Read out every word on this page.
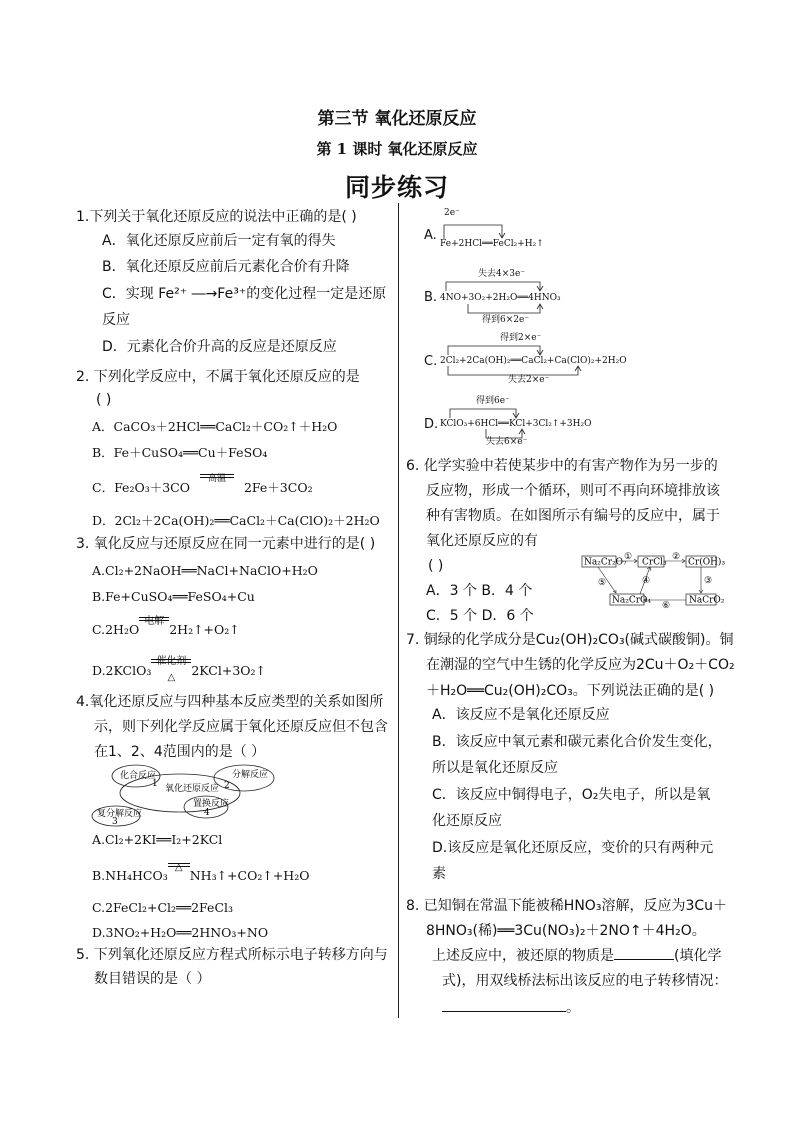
第三节 氧化还原反应
第 1 课时 氧化还原反应
同步练习
1.下列关于氧化还原反应的说法中正确的是( )
A．氧化还原反应前后一定有氧的得失
B．氧化还原反应前后元素化合价有升降
C．实现 Fe²⁺ ―→Fe³⁺的变化过程一定是还原
反应
D．元素化合价升高的反应是还原反应
2. 下列化学反应中，不属于氧化还原反应的是
( )
A．CaCO₃＋2HCl══CaCl₂＋CO₂↑＋H₂O
B．Fe＋CuSO₄══Cu＋FeSO₄
C．Fe₂O₃＋3CO
高温
2Fe＋3CO₂
D．2Cl₂＋2Ca(OH)₂══CaCl₂＋Ca(ClO)₂＋2H₂O
3. 氧化反应与还原反应在同一元素中进行的是( )
A.Cl₂+2NaOH══NaCl+NaClO+H₂O
B.Fe+CuSO₄══FeSO₄+Cu
C.2H₂O
电解
2H₂↑+O₂↑
D.2KClO₃
催化剂
△	2KCl+3O₂↑
4.氧化还原反应与四种基本反应类型的关系如图所
示，则下列化学反应属于氧化还原反应但不包含
在1、2、4范围内的是（ ）
化合反应
氧化还原反应
分解反应
置换反应
复分解反应
1	2
3
4
A.Cl₂+2KI══I₂+2KCl
B.NH₄HCO₃
△
NH₃↑+CO₂↑+H₂O
C.2FeCl₂+Cl₂══2FeCl₃
D.3NO₂+H₂O══2HNO₃+NO
5. 下列氧化还原反应方程式所标示电子转移方向与
数目错误的是（ ）
A.
2e⁻
Fe+2HCl══FeCl₂+H₂↑
B.
失去4×3e⁻
4NO+3O₂+2H₂O══4HNO₃
得到6×2e⁻
C.
得到2×e⁻
2Cl₂+2Ca(OH)₂══CaCl₂+Ca(ClO)₂+2H₂O
失去2×e⁻
D.
得到6e⁻
KClO₃+6HCl══KCl+3Cl₂↑+3H₂O
失去6×e⁻
6. 化学实验中若使某步中的有害产物作为另一步的
反应物，形成一个循环，则可不再向环境排放该
种有害物质。在如图所示有编号的反应中，属于
氧化还原反应的有
( )
A．3 个 B．4 个
C．5 个 D．6 个
Na₂Cr₂O₇ CrCl₃ Cr(OH)₃
Na₂CrO₄	NaCrO₂
①	②
③
④
⑤
⑥
7. 铜绿的化学成分是Cu₂(OH)₂CO₃(碱式碳酸铜)。铜
在潮湿的空气中生锈的化学反应为2Cu＋O₂＋CO₂
＋H₂O══Cu₂(OH)₂CO₃。下列说法正确的是( )
A．该反应不是氧化还原反应
B．该反应中氧元素和碳元素化合价发生变化，
所以是氧化还原反应
C．该反应中铜得电子，O₂失电子，所以是氧
化还原反应
D.该反应是氧化还原反应，变价的只有两种元
素
8. 已知铜在常温下能被稀HNO₃溶解，反应为3Cu＋
8HNO₃(稀)══3Cu(NO₃)₂＋2NO↑＋4H₂O。
上述反应中，被还原的物质是	(填化学
式)，用双线桥法标出该反应的电子转移情况：
。
